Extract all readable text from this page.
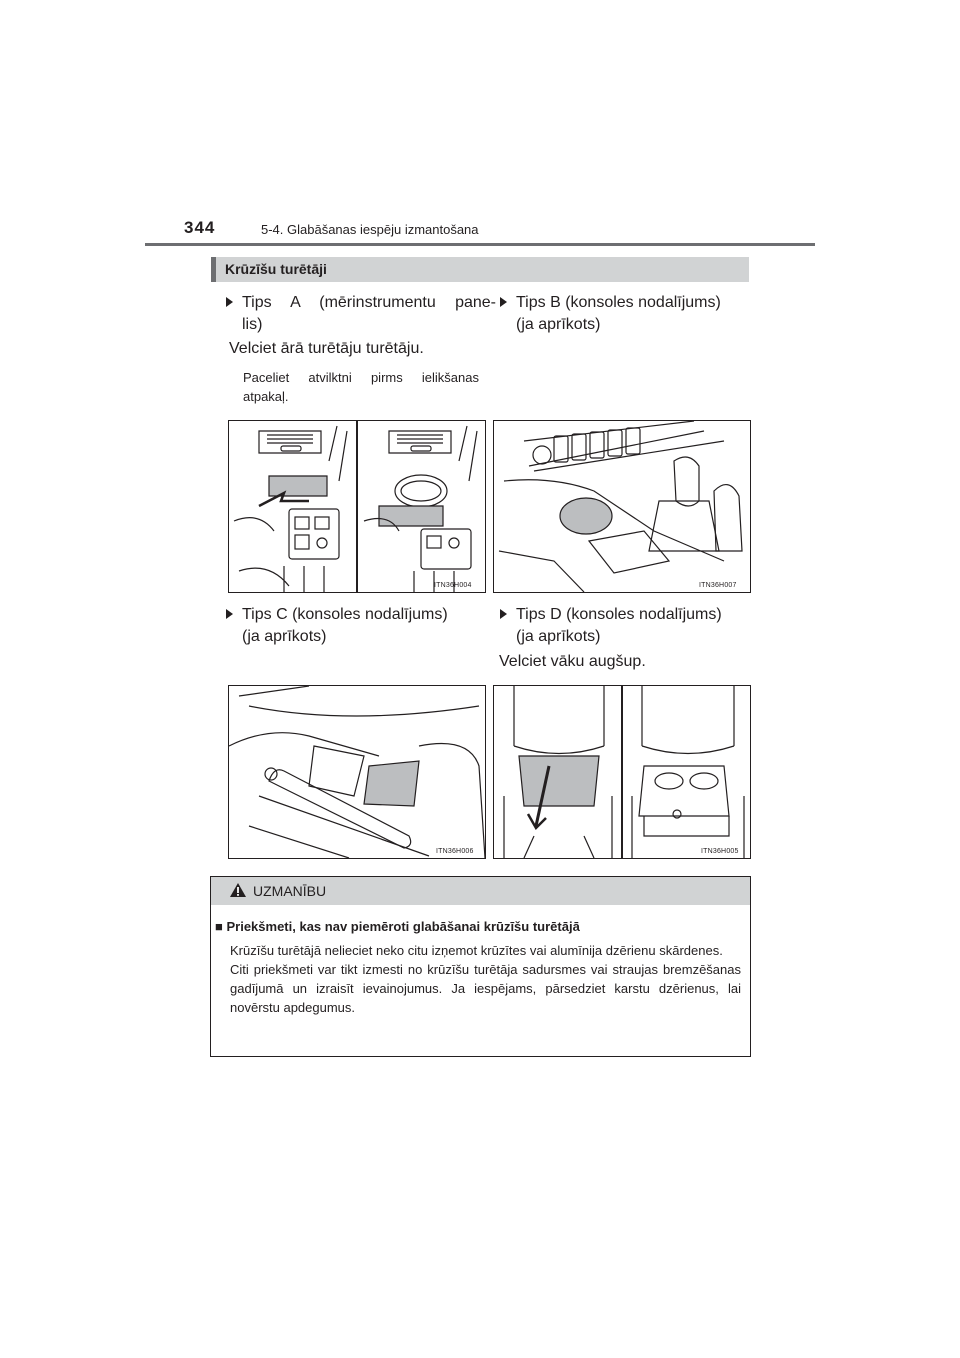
344	5-4. Glabāšanas iespēju izmantošana
Krūzīšu turētāji
Tips A (mērinstrumentu pane-
lis)
Velciet ārā turētāju turētāju.
Paceliet atvilktni pirms ielikšanas
atpakaļ.
Tips B (konsoles nodalījums)
(ja aprīkots)
ITN36H004	ITN36H007
Tips C (konsoles nodalījums)
(ja aprīkots)
Tips D (konsoles nodalījums)
(ja aprīkots)
Velciet vāku augšup.
ITN36H006	ITN36H005
UZMANĪBU
■ Priekšmeti, kas nav piemēroti glabāšanai krūzīšu turētājā

Krūzīšu turētājā nelieciet neko citu izņemot krūzītes vai alumīnija dzērienu skārdenes.

Citi priekšmeti var tikt izmesti no krūzīšu turētāja sadursmes vai straujas bremzēšanas gadījumā un izraisīt ievainojumus. Ja iespējams, pārsedziet karstu dzērienus, lai novērstu apdegumus.
